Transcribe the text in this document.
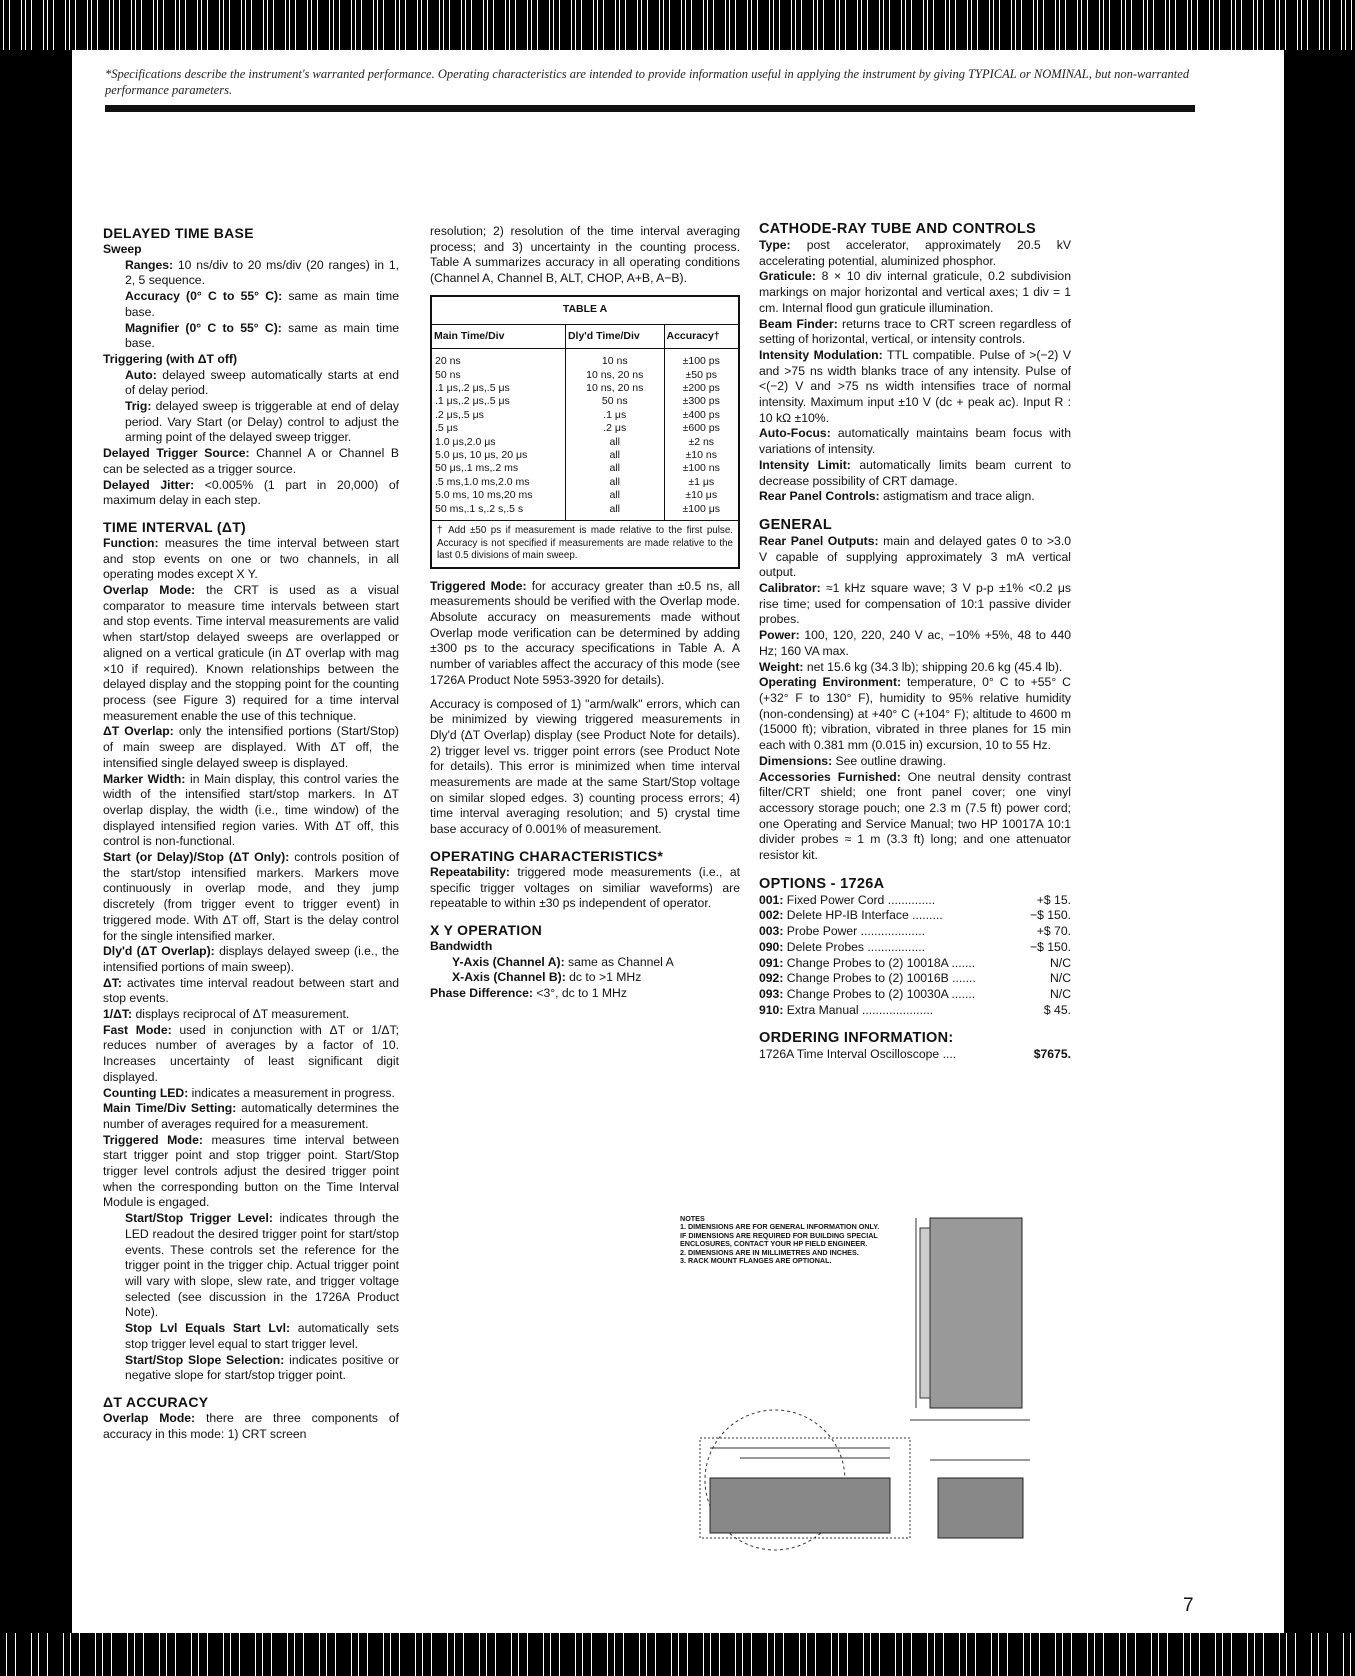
*Specifications describe the instrument's warranted performance. Operating characteristics are intended to provide information useful in applying the instrument by giving TYPICAL or NOMINAL, but non-warranted performance parameters.
DELAYED TIME BASE

Sweep

Ranges: 10 ns/div to 20 ms/div (20 ranges) in 1, 2, 5 sequence.

Accuracy (0° C to 55° C): same as main time base.

Magnifier (0° C to 55° C): same as main time base.

Triggering (with ΔT off)

Auto: delayed sweep automatically starts at end of delay period.

Trig: delayed sweep is triggerable at end of delay period. Vary Start (or Delay) control to adjust the arming point of the delayed sweep trigger.

Delayed Trigger Source: Channel A or Channel B can be selected as a trigger source.

Delayed Jitter: <0.005% (1 part in 20,000) of maximum delay in each step.

TIME INTERVAL (ΔT)

Function: measures the time interval between start and stop events on one or two channels, in all operating modes except X Y.

Overlap Mode: the CRT is used as a visual comparator to measure time intervals between start and stop events. Time interval measurements are valid when start/stop delayed sweeps are overlapped or aligned on a vertical graticule (in ΔT overlap with mag ×10 if required). Known relationships between the delayed display and the stopping point for the counting process (see Figure 3) required for a time interval measurement enable the use of this technique.

ΔT Overlap: only the intensified portions (Start/Stop) of main sweep are displayed. With ΔT off, the intensified single delayed sweep is displayed.

Marker Width: in Main display, this control varies the width of the intensified start/stop markers. In ΔT overlap display, the width (i.e., time window) of the displayed intensified region varies. With ΔT off, this control is non-functional.

Start (or Delay)/Stop (ΔT Only): controls position of the start/stop intensified markers. Markers move continuously in overlap mode, and they jump discretely (from trigger event to trigger event) in triggered mode. With ΔT off, Start is the delay control for the single intensified marker.

Dly'd (ΔT Overlap): displays delayed sweep (i.e., the intensified portions of main sweep).

ΔT: activates time interval readout between start and stop events.

1/ΔT: displays reciprocal of ΔT measurement.

Fast Mode: used in conjunction with ΔT or 1/ΔT; reduces number of averages by a factor of 10. Increases uncertainty of least significant digit displayed.

Counting LED: indicates a measurement in progress.

Main Time/Div Setting: automatically determines the number of averages required for a measurement.

Triggered Mode: measures time interval between start trigger point and stop trigger point. Start/Stop trigger level controls adjust the desired trigger point when the corresponding button on the Time Interval Module is engaged.

Start/Stop Trigger Level: indicates through the LED readout the desired trigger point for start/stop events. These controls set the reference for the trigger point in the trigger chip. Actual trigger point will vary with slope, slew rate, and trigger voltage selected (see discussion in the 1726A Product Note).

Stop Lvl Equals Start Lvl: automatically sets stop trigger level equal to start trigger level.

Start/Stop Slope Selection: indicates positive or negative slope for start/stop trigger point.

ΔT ACCURACY

Overlap Mode: there are three components of accuracy in this mode: 1) CRT screen

resolution; 2) resolution of the time interval averaging process; and 3) uncertainty in the counting process. Table A summarizes accuracy in all operating conditions (Channel A, Channel B, ALT, CHOP, A+B, A−B).

TABLE A
Main Time/Div	Dly'd Time/Div	Accuracy†
20 ns	10 ns	±100 ps
50 ns	10 ns, 20 ns	±50 ps
.1 μs,.2 μs,.5 μs	10 ns, 20 ns	±200 ps
.1 μs,.2 μs,.5 μs	50 ns	±300 ps
.2 μs,.5 μs	.1 μs	±400 ps
.5 μs	.2 μs	±600 ps
1.0 μs,2.0 μs	all	±2 ns
5.0 μs, 10 μs, 20 μs	all	±10 ns
50 μs,.1 ms,.2 ms	all	±100 ns
.5 ms,1.0 ms,2.0 ms	all	±1 μs
5.0 ms, 10 ms,20 ms	all	±10 μs
50 ms,.1 s,.2 s,.5 s	all	±100 μs
† Add ±50 ps if measurement is made relative to the first pulse. Accuracy is not specified if measurements are made relative to the last 0.5 divisions of main sweep.

Triggered Mode: for accuracy greater than ±0.5 ns, all measurements should be verified with the Overlap mode. Absolute accuracy on measurements made without Overlap mode verification can be determined by adding ±300 ps to the accuracy specifications in Table A. A number of variables affect the accuracy of this mode (see 1726A Product Note 5953-3920 for details).

Accuracy is composed of 1) "arm/walk" errors, which can be minimized by viewing triggered measurements in Dly'd (ΔT Overlap) display (see Product Note for details). 2) trigger level vs. trigger point errors (see Product Note for details). This error is minimized when time interval measurements are made at the same Start/Stop voltage on similar sloped edges. 3) counting process errors; 4) time interval averaging resolution; and 5) crystal time base accuracy of 0.001% of measurement.

OPERATING CHARACTERISTICS*

Repeatability: triggered mode measurements (i.e., at specific trigger voltages on similiar waveforms) are repeatable to within ±30 ps independent of operator.

X Y OPERATION

Bandwidth

Y-Axis (Channel A): same as Channel A

X-Axis (Channel B): dc to >1 MHz

Phase Difference: <3°, dc to 1 MHz

CATHODE-RAY TUBE AND CONTROLS

Type: post accelerator, approximately 20.5 kV accelerating potential, aluminized phosphor.

Graticule: 8 × 10 div internal graticule, 0.2 subdivision markings on major horizontal and vertical axes; 1 div = 1 cm. Internal flood gun graticule illumination.

Beam Finder: returns trace to CRT screen regardless of setting of horizontal, vertical, or intensity controls.

Intensity Modulation: TTL compatible. Pulse of >(−2) V and >75 ns width blanks trace of any intensity. Pulse of <(−2) V and >75 ns width intensifies trace of normal intensity. Maximum input ±10 V (dc + peak ac). Input R : 10 kΩ ±10%.

Auto-Focus: automatically maintains beam focus with variations of intensity.

Intensity Limit: automatically limits beam current to decrease possibility of CRT damage.

Rear Panel Controls: astigmatism and trace align.

GENERAL

Rear Panel Outputs: main and delayed gates 0 to >3.0 V capable of supplying approximately 3 mA vertical output.

Calibrator: ≈1 kHz square wave; 3 V p-p ±1% <0.2 μs rise time; used for compensation of 10:1 passive divider probes.

Power: 100, 120, 220, 240 V ac, −10% +5%, 48 to 440 Hz; 160 VA max.

Weight: net 15.6 kg (34.3 lb); shipping 20.6 kg (45.4 lb).

Operating Environment: temperature, 0° C to +55° C (+32° F to 130° F), humidity to 95% relative humidity (non-condensing) at +40° C (+104° F); altitude to 4600 m (15000 ft); vibration, vibrated in three planes for 15 min each with 0.381 mm (0.015 in) excursion, 10 to 55 Hz.

Dimensions: See outline drawing.

Accessories Furnished: One neutral density contrast filter/CRT shield; one front panel cover; one vinyl accessory storage pouch; one 2.3 m (7.5 ft) power cord; one Operating and Service Manual; two HP 10017A 10:1 divider probes ≈ 1 m (3.3 ft) long; and one attenuator resistor kit.

OPTIONS - 1726A

001: Fixed Power Cord ..............	+$ 15.

002: Delete HP-IB Interface .........	−$ 150.

003: Probe Power ...................	+$ 70.

090: Delete Probes .................	−$ 150.

091: Change Probes to (2) 10018A .......	N/C

092: Change Probes to (2) 10016B .......	N/C

093: Change Probes to (2) 10030A .......	N/C

910: Extra Manual .....................	$ 45.

ORDERING INFORMATION:

1726A Time Interval Oscilloscope ....	$7675.

NOTES
1. DIMENSIONS ARE FOR GENERAL INFORMATION ONLY. IF DIMENSIONS ARE REQUIRED FOR BUILDING SPECIAL ENCLOSURES, CONTACT YOUR HP FIELD ENGINEER.
2. DIMENSIONS ARE IN MILLIMETRES AND INCHES.
3. RACK MOUNT FLANGES ARE OPTIONAL.
7
